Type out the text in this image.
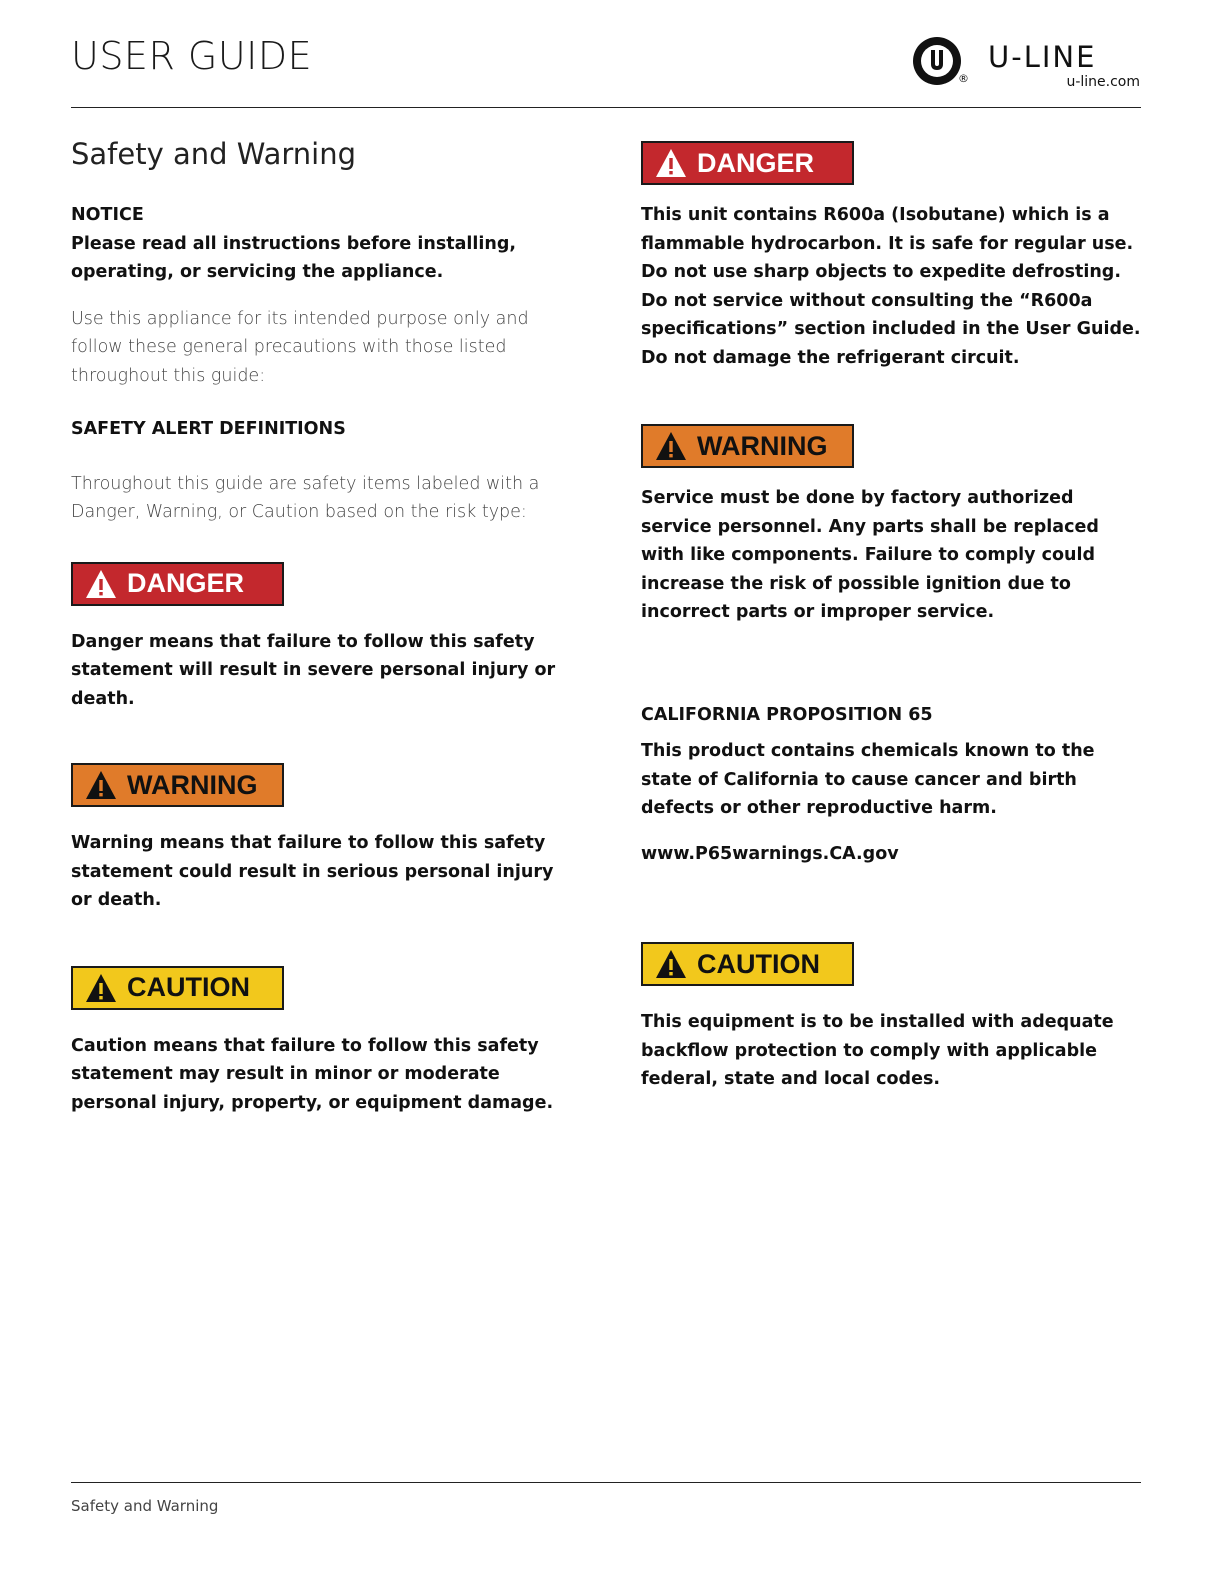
USER GUIDE
®
U-LINE
u-line.com
Safety and Warning
NOTICE
Please read all instructions before installing, operating, or servicing the appliance.
Use this appliance for its intended purpose only and follow these general precautions with those listed throughout this guide:
SAFETY ALERT DEFINITIONS
Throughout this guide are safety items labeled with a Danger, Warning, or Caution based on the risk type:
DANGER
Danger means that failure to follow this safety statement will result in severe personal injury or death.
WARNING
Warning means that failure to follow this safety statement could result in serious personal injury or death.
CAUTION
Caution means that failure to follow this safety statement may result in minor or moderate personal injury, property, or equipment damage.
DANGER
This unit contains R600a (Isobutane) which is a flammable hydrocarbon. It is safe for regular use. Do not use sharp objects to expedite defrosting. Do not service without consulting the “R600a specifications” section included in the User Guide. Do not damage the refrigerant circuit.
WARNING
Service must be done by factory authorized service personnel. Any parts shall be replaced with like components. Failure to comply could increase the risk of possible ignition due to incorrect parts or improper service.
CALIFORNIA PROPOSITION 65
This product contains chemicals known to the state of California to cause cancer and birth defects or other reproductive harm.
www.P65warnings.CA.gov
CAUTION
This equipment is to be installed with adequate backflow protection to comply with applicable federal, state and local codes.
Safety and Warning
